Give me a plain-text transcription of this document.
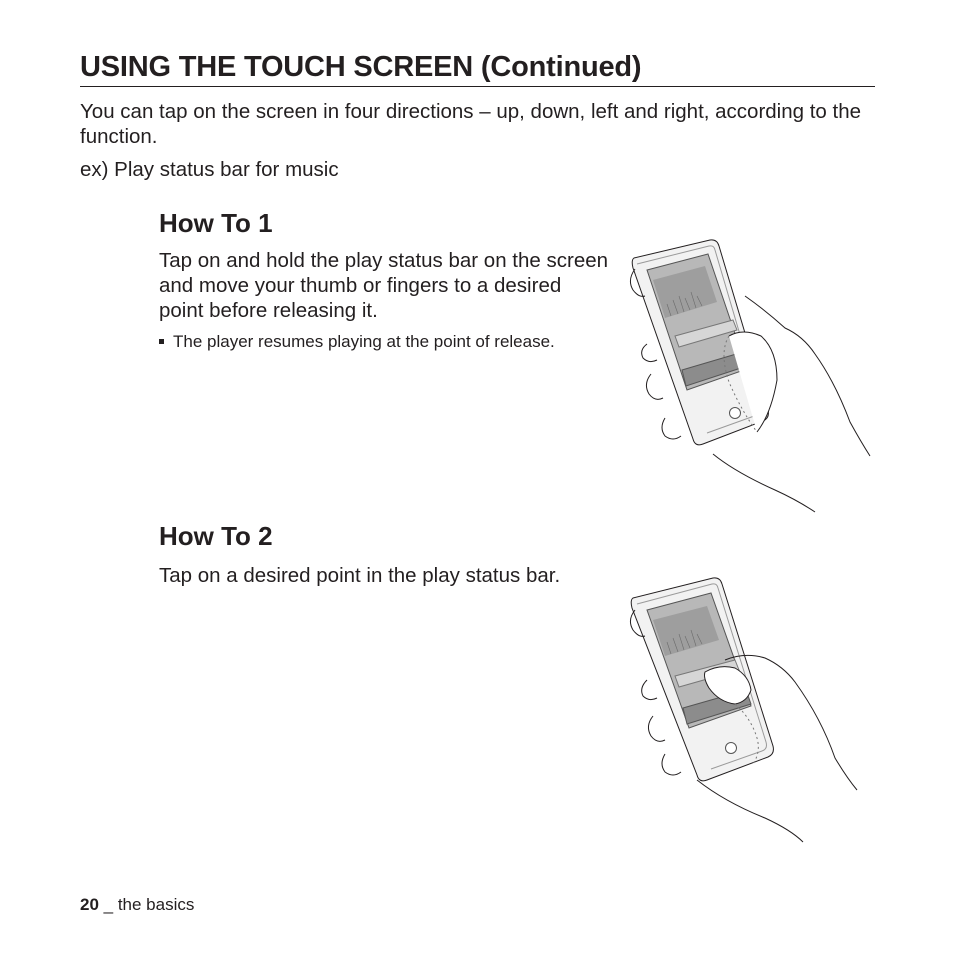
USING THE TOUCH SCREEN (Continued)
You can tap on the screen in four directions – up, down, left and right, according to the function.
ex) Play status bar for music
How To 1
Tap on and hold the play status bar on the screen and move your thumb or fingers to a desired point before releasing it.
The player resumes playing at the point of release.
How To 2
Tap on a desired point in the play status bar.
20 _ the basics
